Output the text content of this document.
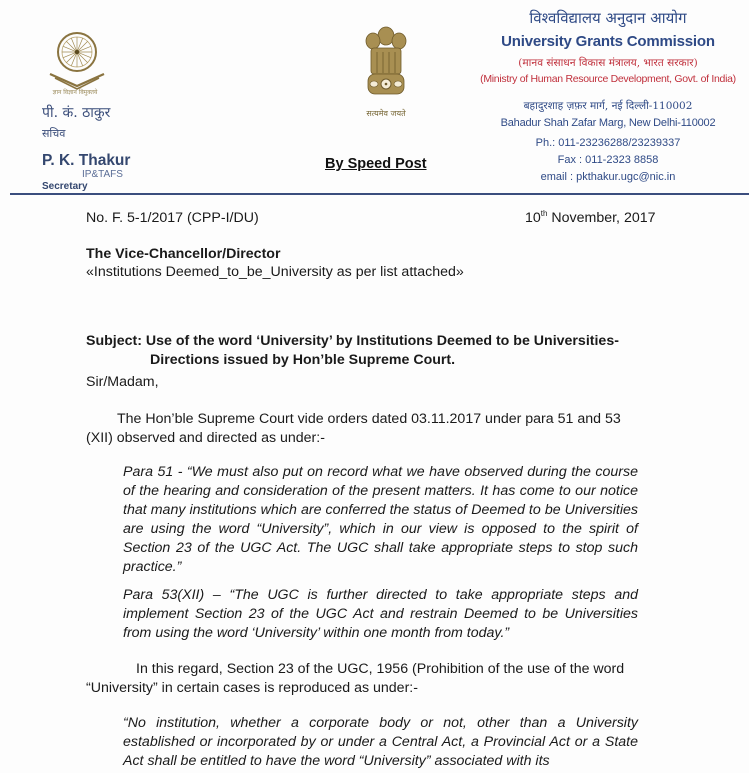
ज्ञान विज्ञान विमुक्तये
पी. कं. ठाकुर
सचिव
P. K. Thakur
IP&TAFS
Secretary
सत्यमेव जयते
By Speed Post
विश्वविद्यालय अनुदान आयोग
University Grants Commission
(मानव संसाधन विकास मंत्रालय, भारत सरकार)
(Ministry of Human Resource Development, Govt. of India)
बहादुरशाह ज़फ़र मार्ग, नई दिल्ली-110002
Bahadur Shah Zafar Marg, New Delhi-110002
Ph.: 011-23236288/23239337
Fax : 011-2323 8858
email : pkthakur.ugc@nic.in
No. F. 5-1/2017 (CPP-I/DU)	10th November, 2017
The Vice-Chancellor/Director
«Institutions Deemed_to_be_University as per list attached»
Subject: Use of the word ‘University’ by Institutions Deemed to be Universities-
Directions issued by Hon’ble Supreme Court.
Sir/Madam,
The Hon’ble Supreme Court vide orders dated 03.11.2017 under para 51 and 53
(XII) observed and directed as under:-

Para 51 - “We must also put on record what we have observed during the course of the hearing and consideration of the present matters. It has come to our notice that many institutions which are conferred the status of Deemed to be Universities are using the word “University”, which in our view is opposed to the spirit of Section 23 of the UGC Act. The UGC shall take appropriate steps to stop such practice.”

Para 53(XII) – “The UGC is further directed to take appropriate steps and implement Section 23 of the UGC Act and restrain Deemed to be Universities from using the word ‘University’ within one month from today.”

In this regard, Section 23 of the UGC, 1956 (Prohibition of the use of the word
“University” in certain cases is reproduced as under:-

“No institution, whether a corporate body or not, other than a University established or incorporated by or under a Central Act, a Provincial Act or a State Act shall be entitled to have the word “University” associated with its
